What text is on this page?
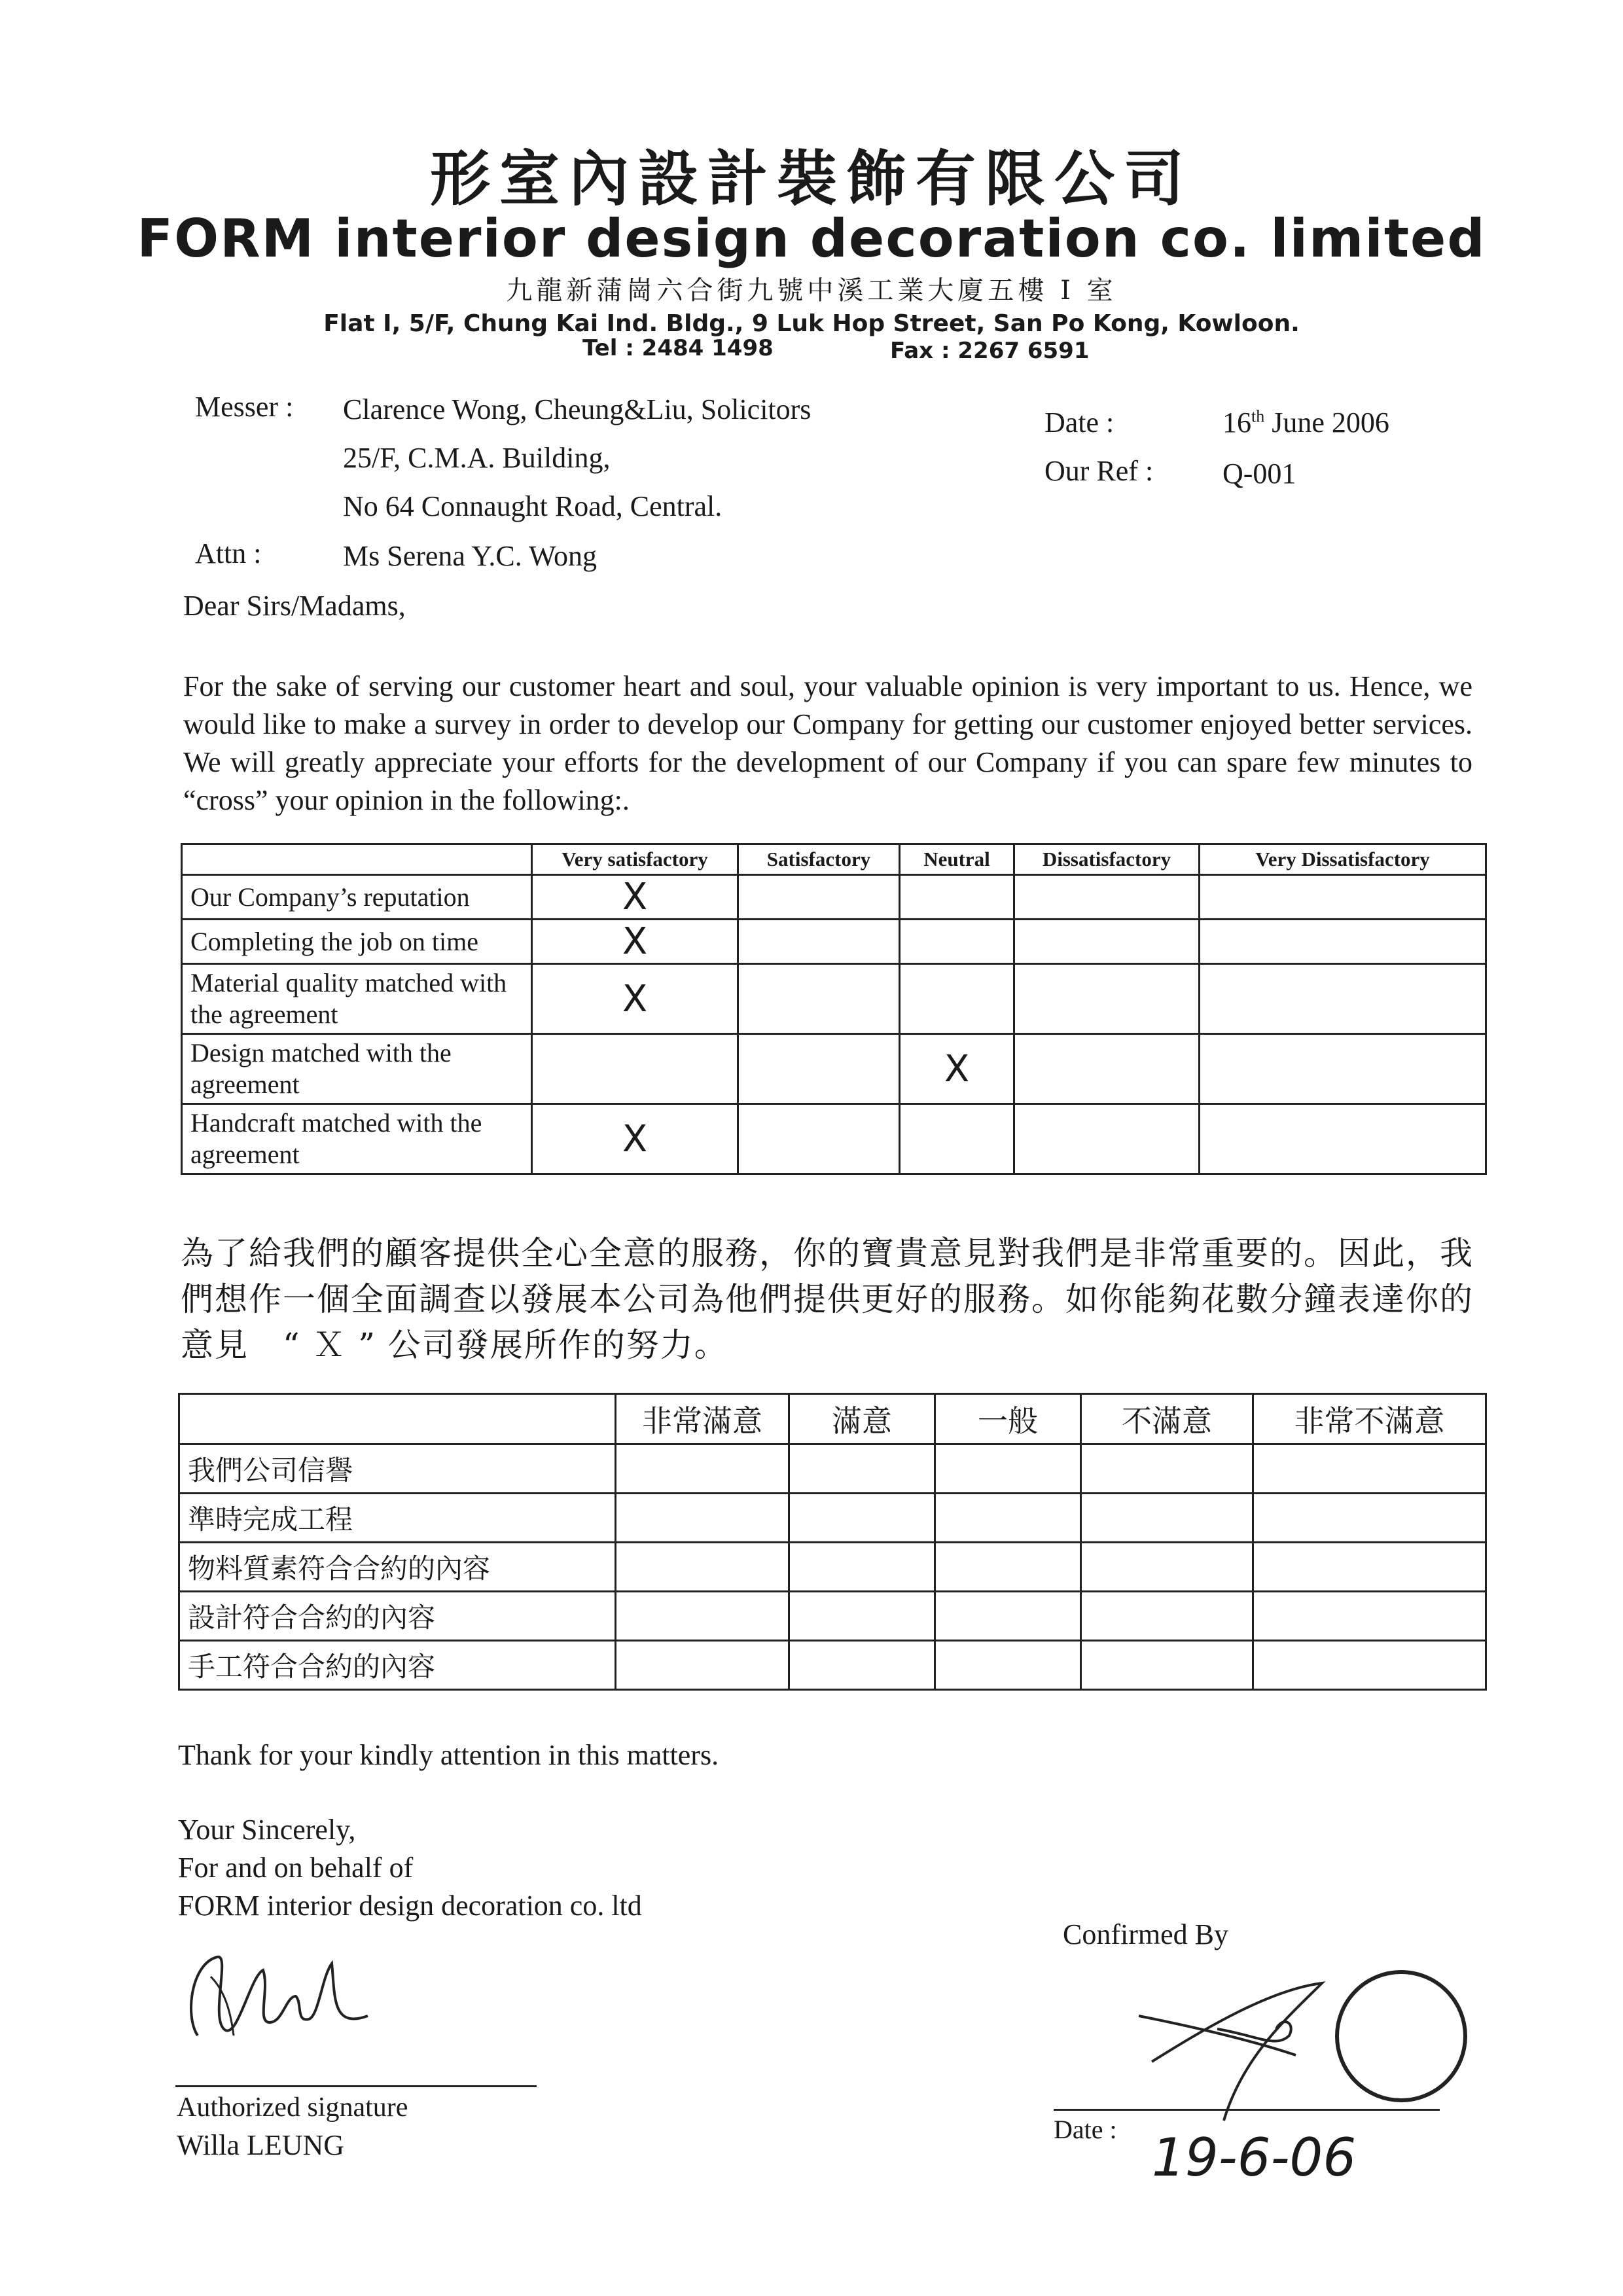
形室內設計裝飾有限公司
FORM interior design decoration co. limited
九龍新蒲崗六合街九號中溪工業大廈五樓 I 室
Flat I, 5/F, Chung Kai Ind. Bldg., 9 Luk Hop Street, San Po Kong, Kowloon.
Tel : 2484 1498	Fax : 2267 6591
Messer : Clarence Wong, Cheung&Liu, Solicitors
25/F, C.M.A. Building,
No 64 Connaught Road, Central.
Attn :	Ms Serena Y.C. Wong
Date :	16th June 2006
Our Ref : Q-001
Dear Sirs/Madams,
For the sake of serving our customer heart and soul, your valuable opinion is very important to us. Hence, we would like to make a survey in order to develop our Company for getting our customer enjoyed better services. We will greatly appreciate your efforts for the development of our Company if you can spare few minutes to “cross” your opinion in the following:.
	Very satisfactory	Satisfactory	Neutral	Dissatisfactory	Very Dissatisfactory
Our Company’s reputation	X				
Completing the job on time	X				
Material quality matched with the agreement	X				
Design matched with the agreement			X		
Handcraft matched with the agreement	X				
為了給我們的顧客提供全心全意的服務，你的寶貴意見對我們是非常重要的。因此，我們想作一個全面調查以發展本公司為他們提供更好的服務。如你能夠花數分鐘表達你的意見　“ Ｘ ” 公司發展所作的努力。
	非常滿意	滿意	一般	不滿意	非常不滿意
我們公司信譽					
準時完成工程					
物料質素符合合約的內容					
設計符合合約的內容					
手工符合合約的內容					
Thank for your kindly attention in this matters.
Your Sincerely,
For and on behalf of
FORM interior design decoration co. ltd
Authorized signature
Willa LEUNG
Confirmed By
Date : 19-6-06
